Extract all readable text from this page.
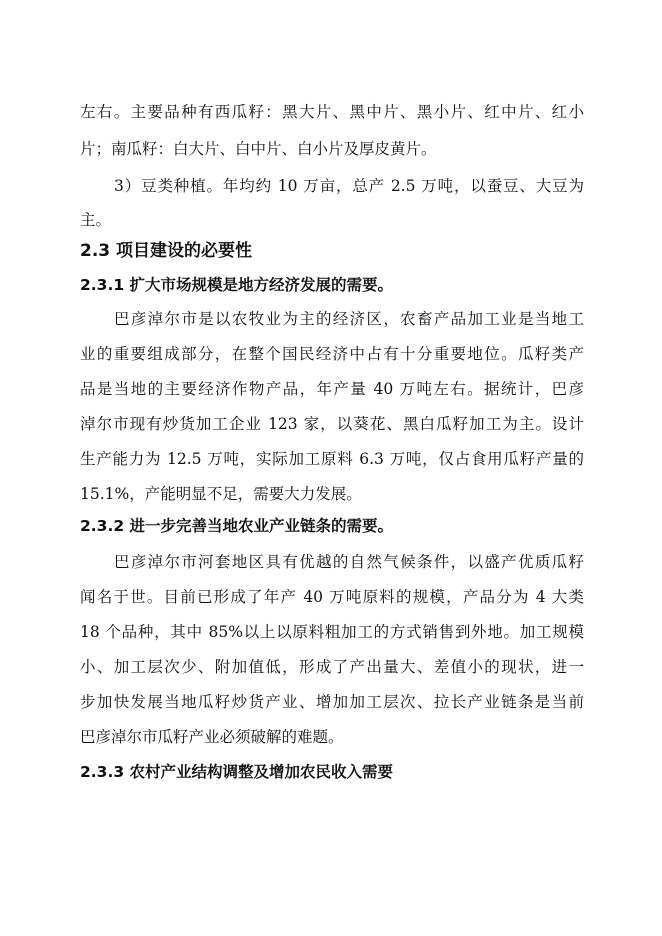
左右。主要品种有西瓜籽：黑大片、黑中片、黑小片、红中片、红小
片；南瓜籽：白大片、白中片、白小片及厚皮黄片。
3）豆类种植。年均约 10 万亩，总产 2.5 万吨，以蚕豆、大豆为
主。
2.3 项目建设的必要性
2.3.1 扩大市场规模是地方经济发展的需要。
巴彦淖尔市是以农牧业为主的经济区，农畜产品加工业是当地工
业的重要组成部分，在整个国民经济中占有十分重要地位。瓜籽类产
品是当地的主要经济作物产品，年产量 40 万吨左右。据统计，巴彦
淖尔市现有炒货加工企业 123 家，以葵花、黑白瓜籽加工为主。设计
生产能力为 12.5 万吨，实际加工原料 6.3 万吨，仅占食用瓜籽产量的
15.1%，产能明显不足，需要大力发展。
2.3.2 进一步完善当地农业产业链条的需要。
巴彦淖尔市河套地区具有优越的自然气候条件，以盛产优质瓜籽
闻名于世。目前已形成了年产 40 万吨原料的规模，产品分为 4 大类
18 个品种，其中 85%以上以原料粗加工的方式销售到外地。加工规模
小、加工层次少、附加值低，形成了产出量大、差值小的现状，进一
步加快发展当地瓜籽炒货产业、增加加工层次、拉长产业链条是当前
巴彦淖尔市瓜籽产业必须破解的难题。
2.3.3 农村产业结构调整及增加农民收入需要
